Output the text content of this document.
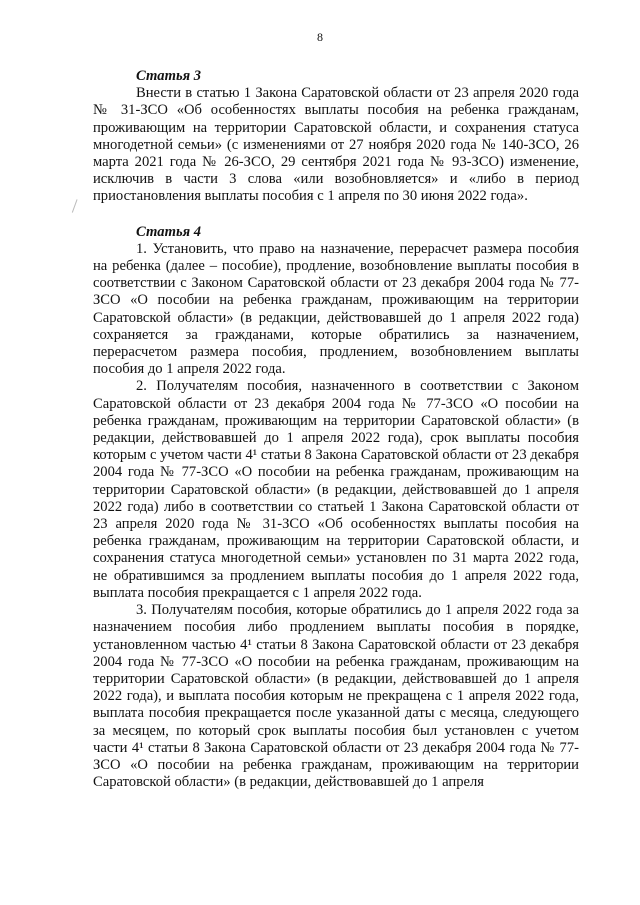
8

Статья 3

Внести в статью 1 Закона Саратовской области от 23 апреля 2020 года № 31-ЗСО «Об особенностях выплаты пособия на ребенка гражданам, проживающим на территории Саратовской области, и сохранения статуса многодетной семьи» (с изменениями от 27 ноября 2020 года № 140-ЗСО, 26 марта 2021 года № 26-ЗСО, 29 сентября 2021 года № 93-ЗСО) изменение, исключив в части 3 слова «или возобновляется» и «либо в период приостановления выплаты пособия с 1 апреля по 30 июня 2022 года».

Статья 4

1. Установить, что право на назначение, перерасчет размера пособия на ребенка (далее – пособие), продление, возобновление выплаты пособия в соответствии с Законом Саратовской области от 23 декабря 2004 года № 77-ЗСО «О пособии на ребенка гражданам, проживающим на территории Саратовской области» (в редакции, действовавшей до 1 апреля 2022 года) сохраняется за гражданами, которые обратились за назначением, перерасчетом размера пособия, продлением, возобновлением выплаты пособия до 1 апреля 2022 года.

2. Получателям пособия, назначенного в соответствии с Законом Саратовской области от 23 декабря 2004 года № 77-ЗСО «О пособии на ребенка гражданам, проживающим на территории Саратовской области» (в редакции, действовавшей до 1 апреля 2022 года), срок выплаты пособия которым с учетом части 4¹ статьи 8 Закона Саратовской области от 23 декабря 2004 года № 77-ЗСО «О пособии на ребенка гражданам, проживающим на территории Саратовской области» (в редакции, действовавшей до 1 апреля 2022 года) либо в соответствии со статьей 1 Закона Саратовской области от 23 апреля 2020 года № 31-ЗСО «Об особенностях выплаты пособия на ребенка гражданам, проживающим на территории Саратовской области, и сохранения статуса многодетной семьи» установлен по 31 марта 2022 года, не обратившимся за продлением выплаты пособия до 1 апреля 2022 года, выплата пособия прекращается с 1 апреля 2022 года.

3. Получателям пособия, которые обратились до 1 апреля 2022 года за назначением пособия либо продлением выплаты пособия в порядке, установленном частью 4¹ статьи 8 Закона Саратовской области от 23 декабря 2004 года № 77-ЗСО «О пособии на ребенка гражданам, проживающим на территории Саратовской области» (в редакции, действовавшей до 1 апреля 2022 года), и выплата пособия которым не прекращена с 1 апреля 2022 года, выплата пособия прекращается после указанной даты с месяца, следующего за месяцем, по который срок выплаты пособия был установлен с учетом части 4¹ статьи 8 Закона Саратовской области от 23 декабря 2004 года № 77-ЗСО «О пособии на ребенка гражданам, проживающим на территории Саратовской области» (в редакции, действовавшей до 1 апреля
